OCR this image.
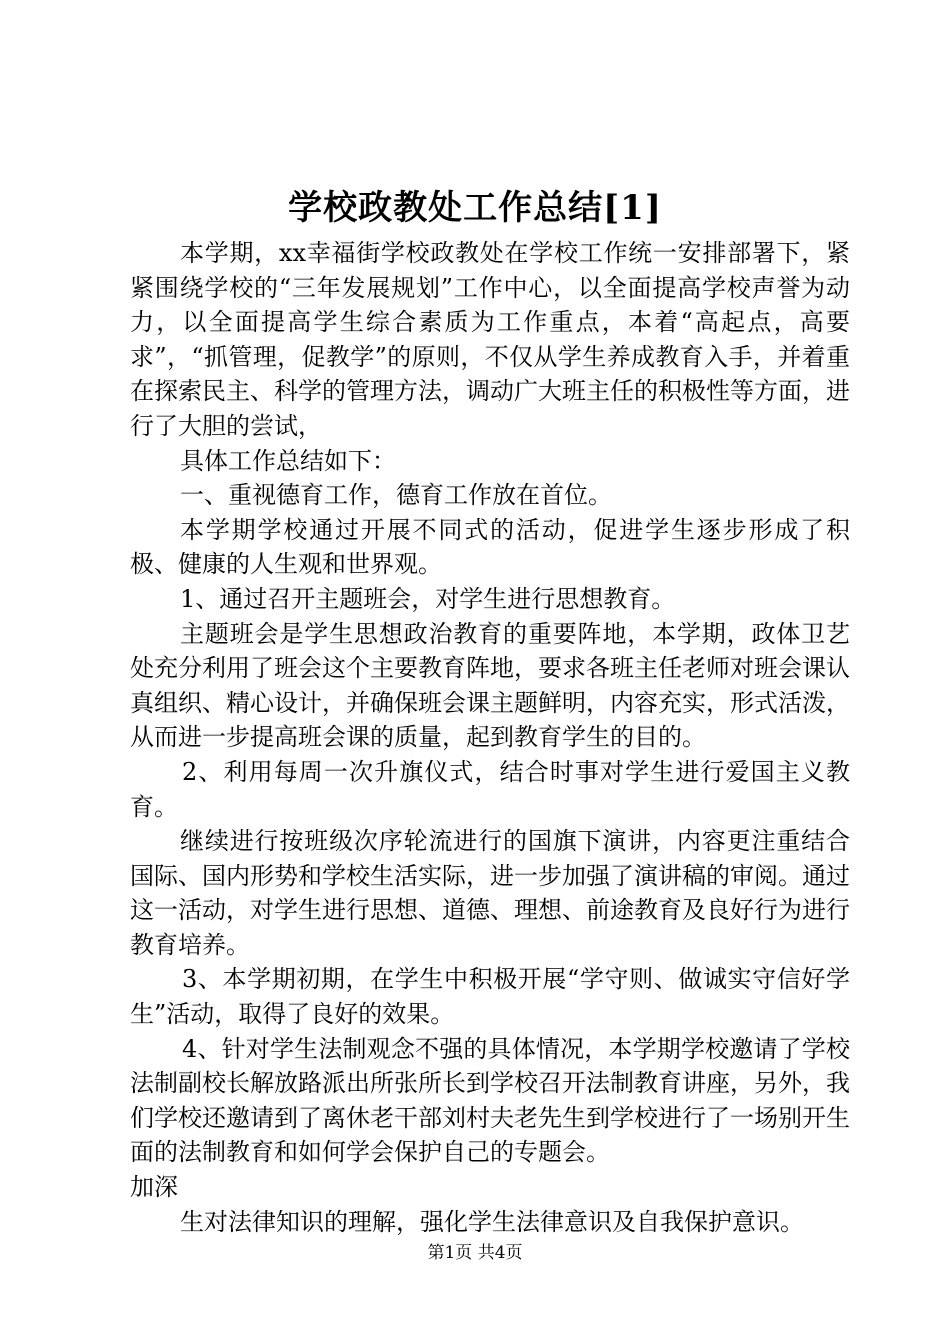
学校政教处工作总结[1]

本学期，xx幸福街学校政教处在学校工作统一安排部署下，紧紧围绕学校的“三年发展规划”工作中心，以全面提高学校声誉为动力，以全面提高学生综合素质为工作重点，本着“高起点，高要求”，“抓管理，促教学”的原则，不仅从学生养成教育入手，并着重在探索民主、科学的管理方法，调动广大班主任的积极性等方面，进行了大胆的尝试，

具体工作总结如下：

一、重视德育工作，德育工作放在首位。

本学期学校通过开展不同式的活动，促进学生逐步形成了积极、健康的人生观和世界观。

1、通过召开主题班会，对学生进行思想教育。

主题班会是学生思想政治教育的重要阵地，本学期，政体卫艺处充分利用了班会这个主要教育阵地，要求各班主任老师对班会课认真组织、精心设计，并确保班会课主题鲜明，内容充实，形式活泼，从而进一步提高班会课的质量，起到教育学生的目的。

2、利用每周一次升旗仪式，结合时事对学生进行爱国主义教育。

继续进行按班级次序轮流进行的国旗下演讲，内容更注重结合国际、国内形势和学校生活实际，进一步加强了演讲稿的审阅。通过这一活动，对学生进行思想、道德、理想、前途教育及良好行为进行教育培养。

3、本学期初期，在学生中积极开展“学守则、做诚实守信好学生”活动，取得了良好的效果。

4、针对学生法制观念不强的具体情况，本学期学校邀请了学校法制副校长解放路派出所张所长到学校召开法制教育讲座，另外，我们学校还邀请到了离休老干部刘村夫老先生到学校进行了一场别开生面的法制教育和如何学会保护自己的专题会。

加深

生对法律知识的理解，强化学生法律意识及自我保护意识。

第1页 共4页
